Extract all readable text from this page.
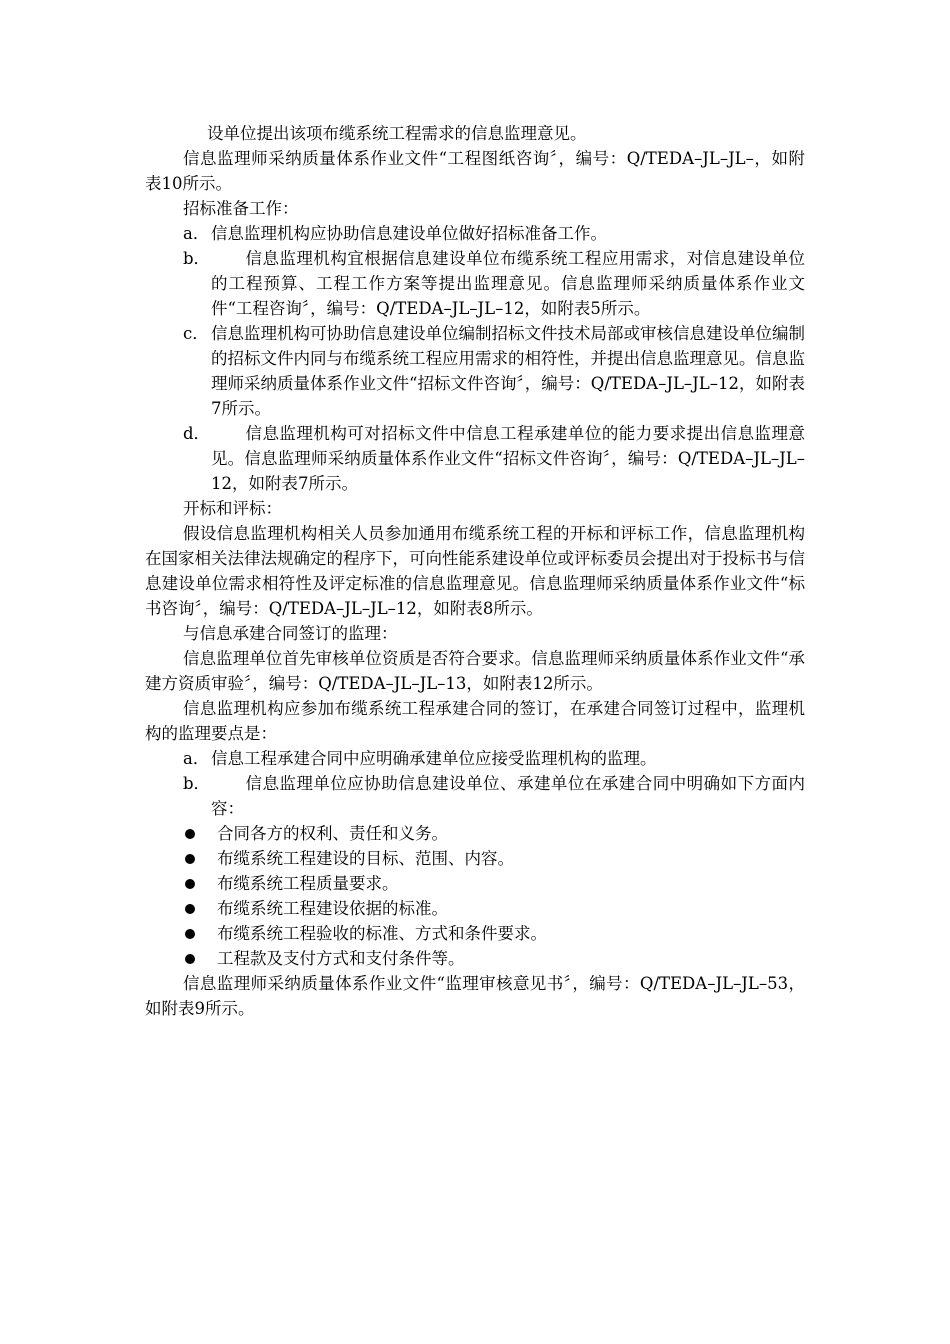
设单位提出该项布缆系统工程需求的信息监理意见。

信息监理师采纳质量体系作业文件“工程图纸咨询〞，编号：Q/TEDA–JL–JL–，如附表10所示。

招标准备工作：

a． 信息监理机构应协助信息建设单位做好招标准备工作。
b． 信息监理机构宜根据信息建设单位布缆系统工程应用需求，对信息建设单位的工程预算、工程工作方案等提出监理意见。信息监理师采纳质量体系作业文件“工程咨询〞，编号：Q/TEDA–JL–JL–12，如附表5所示。
c． 信息监理机构可协助信息建设单位编制招标文件技术局部或审核信息建设单位编制的招标文件内同与布缆系统工程应用需求的相符性，并提出信息监理意见。信息监理师采纳质量体系作业文件“招标文件咨询〞，编号：Q/TEDA–JL–JL–12，如附表7所示。
d． 信息监理机构可对招标文件中信息工程承建单位的能力要求提出信息监理意见。信息监理师采纳质量体系作业文件“招标文件咨询〞，编号：Q/TEDA–JL–JL–12，如附表7所示。

开标和评标：

假设信息监理机构相关人员参加通用布缆系统工程的开标和评标工作，信息监理机构在国家相关法律法规确定的程序下，可向性能系建设单位或评标委员会提出对于投标书与信息建设单位需求相符性及评定标准的信息监理意见。信息监理师采纳质量体系作业文件“标书咨询〞，编号：Q/TEDA–JL–JL–12，如附表8所示。

与信息承建合同签订的监理：

信息监理单位首先审核单位资质是否符合要求。信息监理师采纳质量体系作业文件“承建方资质审验〞，编号：Q/TEDA–JL–JL–13，如附表12所示。

信息监理机构应参加布缆系统工程承建合同的签订，在承建合同签订过程中，监理机构的监理要点是：

a． 信息工程承建合同中应明确承建单位应接受监理机构的监理。
b． 信息监理单位应协助信息建设单位、承建单位在承建合同中明确如下方面内容：
合同各方的权利、责任和义务。
布缆系统工程建设的目标、范围、内容。
布缆系统工程质量要求。
布缆系统工程建设依据的标准。
布缆系统工程验收的标准、方式和条件要求。
工程款及支付方式和支付条件等。

信息监理师采纳质量体系作业文件“监理审核意见书〞，编号：Q/TEDA–JL–JL–53，如附表9所示。
